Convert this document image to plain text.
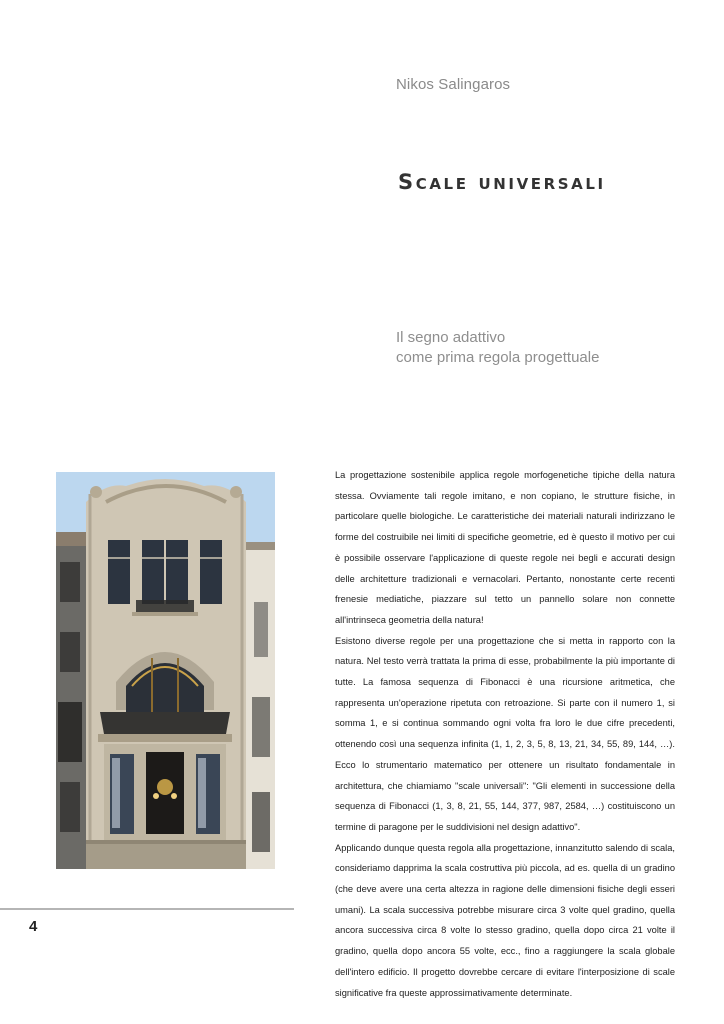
Nikos Salingaros
Scale universali
Il segno adattivo
come prima regola progettuale

La progettazione sostenibile applica regole morfogenetiche tipiche della natura stessa. Ovviamente tali regole imitano, e non copiano, le strutture fisiche, in particolare quelle biologiche. Le caratteristiche dei materiali naturali indirizzano le forme del costruibile nei limiti di specifiche geometrie, ed è questo il motivo per cui è possibile osservare l'applicazione di queste regole nei begli e accurati design delle architetture tradizionali e vernacolari. Pertanto, nonostante certe recenti frenesie mediatiche, piazzare sul tetto un pannello solare non connette all'intrinseca geometria della natura!

Esistono diverse regole per una progettazione che si metta in rapporto con la natura. Nel testo verrà trattata la prima di esse, probabilmente la più importante di tutte. La famosa sequenza di Fibonacci è una ricursione aritmetica, che rappresenta un'operazione ripetuta con retroazione. Si parte con il numero 1, si somma 1, e si continua sommando ogni volta fra loro le due cifre precedenti, ottenendo così una sequenza infinita (1, 1, 2, 3, 5, 8, 13, 21, 34, 55, 89, 144, …). Ecco lo strumentario matematico per ottenere un risultato fondamentale in architettura, che chiamiamo "scale universali": "Gli elementi in successione della sequenza di Fibonacci (1, 3, 8, 21, 55, 144, 377, 987, 2584, …) costituiscono un termine di paragone per le suddivisioni nel design adattivo".

Applicando dunque questa regola alla progettazione, innanzitutto salendo di scala, consideriamo dapprima la scala costruttiva più piccola, ad es. quella di un gradino (che deve avere una certa altezza in ragione delle dimensioni fisiche degli esseri umani). La scala successiva potrebbe misurare circa 3 volte quel gradino, quella ancora successiva circa 8 volte lo stesso gradino, quella dopo circa 21 volte il gradino, quella dopo ancora 55 volte, ecc., fino a raggiungere la scala globale dell'intero edificio. Il progetto dovrebbe cercare di evitare l'interposizione di scale significative fra queste approssimativamente determinate.

4
